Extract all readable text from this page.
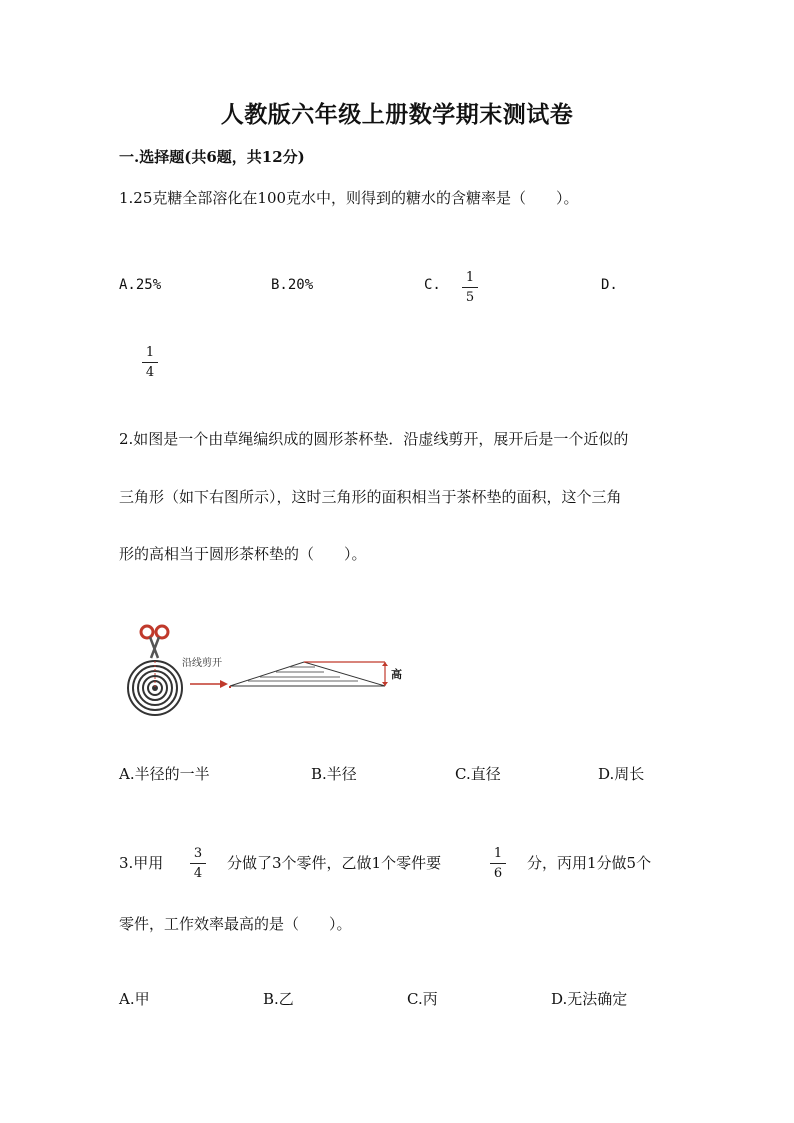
人教版六年级上册数学期末测试卷
一.选择题(共6题，共12分)
1.25克糖全部溶化在100克水中，则得到的糖水的含糖率是（　　）。
A.25%	B.20%	C. 1
5
D.
1
4
2.如图是一个由草绳编织成的圆形茶杯垫．沿虚线剪开，展开后是一个近似的
三角形（如下右图所示），这时三角形的面积相当于茶杯垫的面积，这个三角
形的高相当于圆形茶杯垫的（　　）。
沿线剪开
高
A.半径的一半	B.半径	C.直径	D.周长
3.甲用
3
4
分做了3个零件，乙做1个零件要
1
6
分，丙用1分做5个
零件，工作效率最高的是（　　）。
A.甲	B.乙	C.丙	D.无法确定
